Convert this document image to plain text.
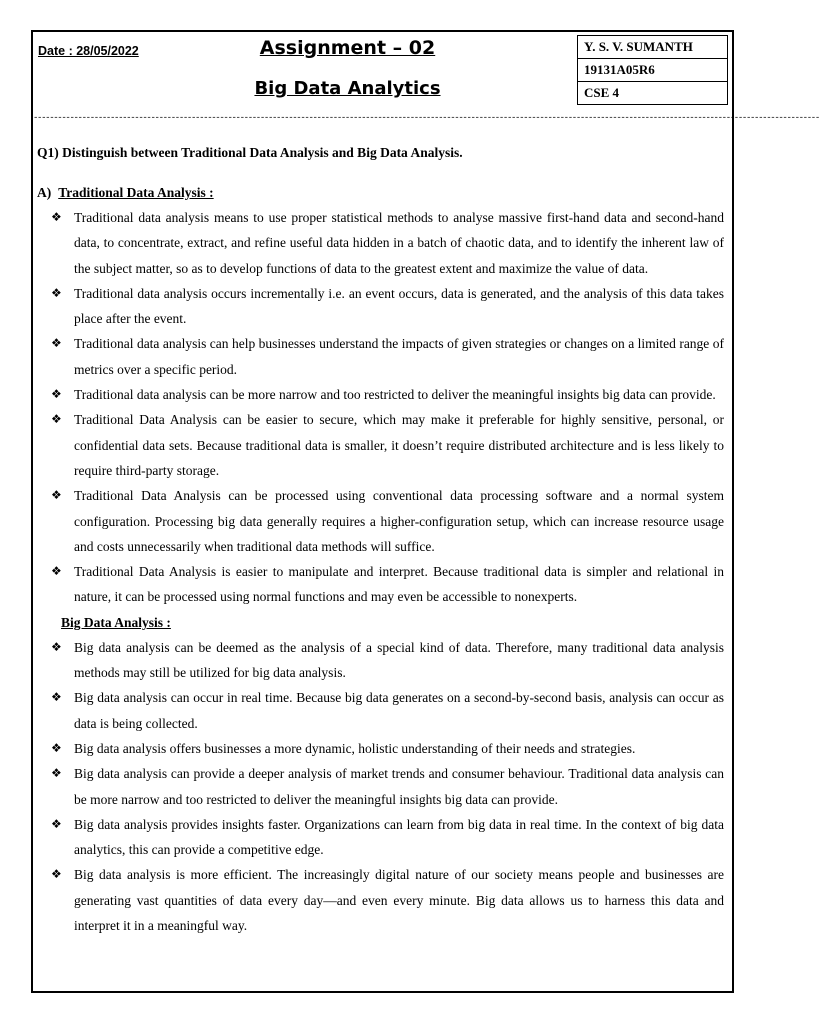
Date : 28/05/2022	Assignment – 02
Big Data Analytics
Y. S. V. SUMANTH
19131A05R6
CSE 4
--------------------------------------------------------------------------------------------------------------------------------------------------------------------------------------------------

Q1) Distinguish between Traditional Data Analysis and Big Data Analysis.

A) Traditional Data Analysis :

❖ Traditional data analysis means to use proper statistical methods to analyse massive first-hand data and second-hand data, to concentrate, extract, and refine useful data hidden in a batch of chaotic data, and to identify the inherent law of the subject matter, so as to develop functions of data to the greatest extent and maximize the value of data.
❖ Traditional data analysis occurs incrementally i.e. an event occurs, data is generated, and the analysis of this data takes place after the event.
❖ Traditional data analysis can help businesses understand the impacts of given strategies or changes on a limited range of metrics over a specific period.
❖ Traditional data analysis can be more narrow and too restricted to deliver the meaningful insights big data can provide.
❖ Traditional Data Analysis can be easier to secure, which may make it preferable for highly sensitive, personal, or confidential data sets. Because traditional data is smaller, it doesn’t require distributed architecture and is less likely to require third-party storage.
❖ Traditional Data Analysis can be processed using conventional data processing software and a normal system configuration. Processing big data generally requires a higher-configuration setup, which can increase resource usage and costs unnecessarily when traditional data methods will suffice.
❖ Traditional Data Analysis is easier to manipulate and interpret. Because traditional data is simpler and relational in nature, it can be processed using normal functions and may even be accessible to nonexperts.

Big Data Analysis :

❖ Big data analysis can be deemed as the analysis of a special kind of data. Therefore, many traditional data analysis methods may still be utilized for big data analysis.
❖ Big data analysis can occur in real time. Because big data generates on a second-by-second basis, analysis can occur as data is being collected.
❖ Big data analysis offers businesses a more dynamic, holistic understanding of their needs and strategies.
❖ Big data analysis can provide a deeper analysis of market trends and consumer behaviour. Traditional data analysis can be more narrow and too restricted to deliver the meaningful insights big data can provide.
❖ Big data analysis provides insights faster. Organizations can learn from big data in real time. In the context of big data analytics, this can provide a competitive edge.
❖ Big data analysis is more efficient. The increasingly digital nature of our society means people and businesses are generating vast quantities of data every day—and even every minute. Big data allows us to harness this data and interpret it in a meaningful way.
